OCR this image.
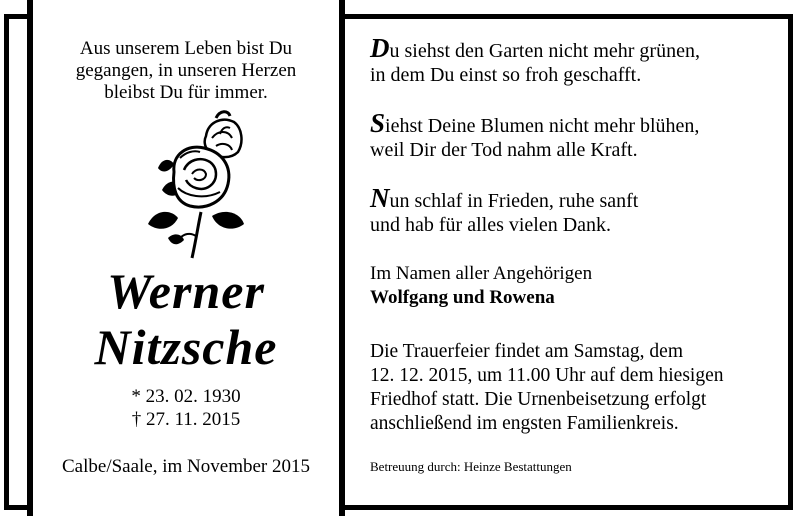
Aus unserem Leben bist Du
gegangen, in unseren Herzen
bleibst Du für immer.
Werner
Nitzsche
* 23. 02. 1930
† 27. 11. 2015
Calbe/Saale, im November 2015
Du siehst den Garten nicht mehr grünen,
in dem Du einst so froh geschafft.
Siehst Deine Blumen nicht mehr blühen,
weil Dir der Tod nahm alle Kraft.
Nun schlaf in Frieden, ruhe sanft
und hab für alles vielen Dank.
Im Namen aller Angehörigen
Wolfgang und Rowena
Die Trauerfeier findet am Samstag, dem
12. 12. 2015, um 11.00 Uhr auf dem hiesigen
Friedhof statt. Die Urnenbeisetzung erfolgt
anschließend im engsten Familienkreis.
Betreuung durch: Heinze Bestattungen
